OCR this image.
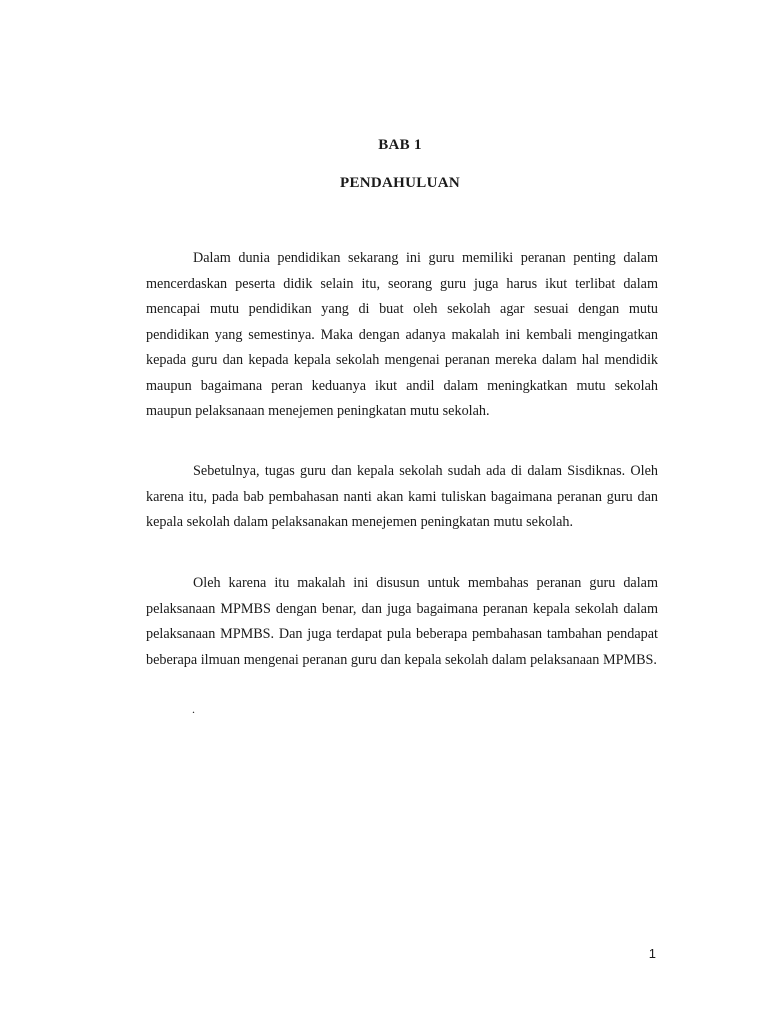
BAB 1
PENDAHULUAN

Dalam dunia pendidikan sekarang ini guru memiliki peranan penting dalam mencerdaskan peserta didik selain itu, seorang guru juga harus ikut terlibat dalam mencapai mutu pendidikan yang di buat oleh sekolah agar sesuai dengan mutu pendidikan yang semestinya. Maka dengan adanya makalah ini kembali mengingatkan kepada guru dan kepada kepala sekolah mengenai peranan mereka dalam hal mendidik maupun bagaimana peran keduanya ikut andil dalam meningkatkan mutu sekolah maupun pelaksanaan menejemen peningkatan mutu sekolah.

Sebetulnya, tugas guru dan kepala sekolah sudah ada di dalam Sisdiknas. Oleh karena itu, pada bab pembahasan nanti akan kami tuliskan bagaimana peranan guru dan kepala sekolah dalam pelaksanakan menejemen peningkatan mutu sekolah.

Oleh karena itu makalah ini disusun untuk membahas peranan guru dalam pelaksanaan MPMBS dengan benar, dan juga bagaimana peranan kepala sekolah dalam pelaksanaan MPMBS. Dan juga terdapat pula beberapa pembahasan tambahan pendapat beberapa ilmuan mengenai peranan guru dan kepala sekolah dalam pelaksanaan MPMBS.

.
1
